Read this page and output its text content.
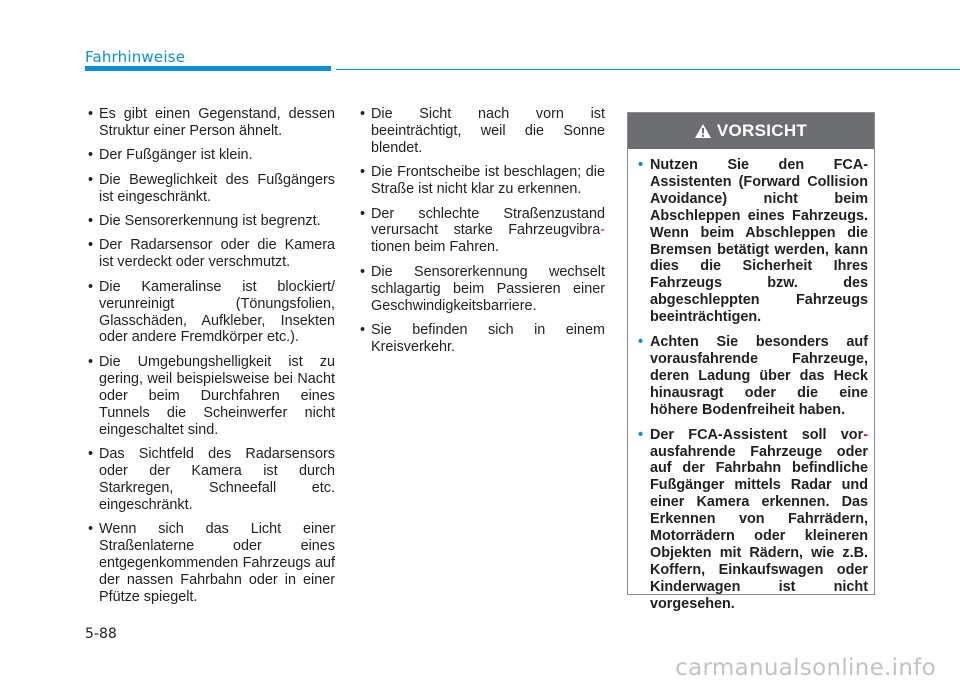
Fahrhinweise
• Es gibt einen Gegenstand, dessen Struktur einer Person ähnelt.
• Der Fußgänger ist klein.
• Die Beweglichkeit des Fußgängers ist eingeschränkt.
• Die Sensorerkennung ist begrenzt.
• Der Radarsensor oder die Kamera ist verdeckt oder verschmutzt.
• Die Kameralinse ist blockiert/ verunreinigt (Tönungsfolien, Glasschäden, Aufkleber, Insekten oder andere Fremdkörper etc.).
• Die Umgebungshelligkeit ist zu gering, weil beispielsweise bei Nacht oder beim Durchfahren eines Tunnels die Scheinwerfer nicht eingeschaltet sind.
• Das Sichtfeld des Radarsensors oder der Kamera ist durch Starkregen, Schneefall etc. eingeschränkt.
• Wenn sich das Licht einer Straßenlaterne oder eines entgegenkommenden Fahrzeugs auf der nassen Fahrbahn oder in einer Pfütze spiegelt.
• Die Sicht nach vorn ist beeinträchtigt, weil die Sonne blendet.
• Die Frontscheibe ist beschlagen; die Straße ist nicht klar zu erkennen.
• Der schlechte Straßenzustand verursacht starke Fahrzeugvibra- tionen beim Fahren.
• Die Sensorerkennung wechselt schlagartig beim Passieren einer Geschwindigkeitsbarriere.
• Sie befinden sich in einem Kreisverkehr.
VORSICHT
• Nutzen Sie den FCA-Assistenten (Forward Collision Avoidance) nicht beim Abschleppen eines Fahrzeugs. Wenn beim Abschleppen die Bremsen betätigt werden, kann dies die Sicherheit Ihres Fahrzeugs bzw. des abgeschleppten Fahrzeugs beeinträchtigen.
• Achten Sie besonders auf vorausfahrende Fahrzeuge, deren Ladung über das Heck hinausragt oder die eine höhere Bodenfreiheit haben.
• Der FCA-Assistent soll vor- ausfahrende Fahrzeuge oder auf der Fahrbahn befindliche Fußgänger mittels Radar und einer Kamera erkennen. Das Erkennen von Fahrrädern, Motorrädern oder kleineren Objekten mit Rädern, wie z.B. Koffern, Einkaufswagen oder Kinderwagen ist nicht vorgesehen.
5-88
carmanualsonline.info
